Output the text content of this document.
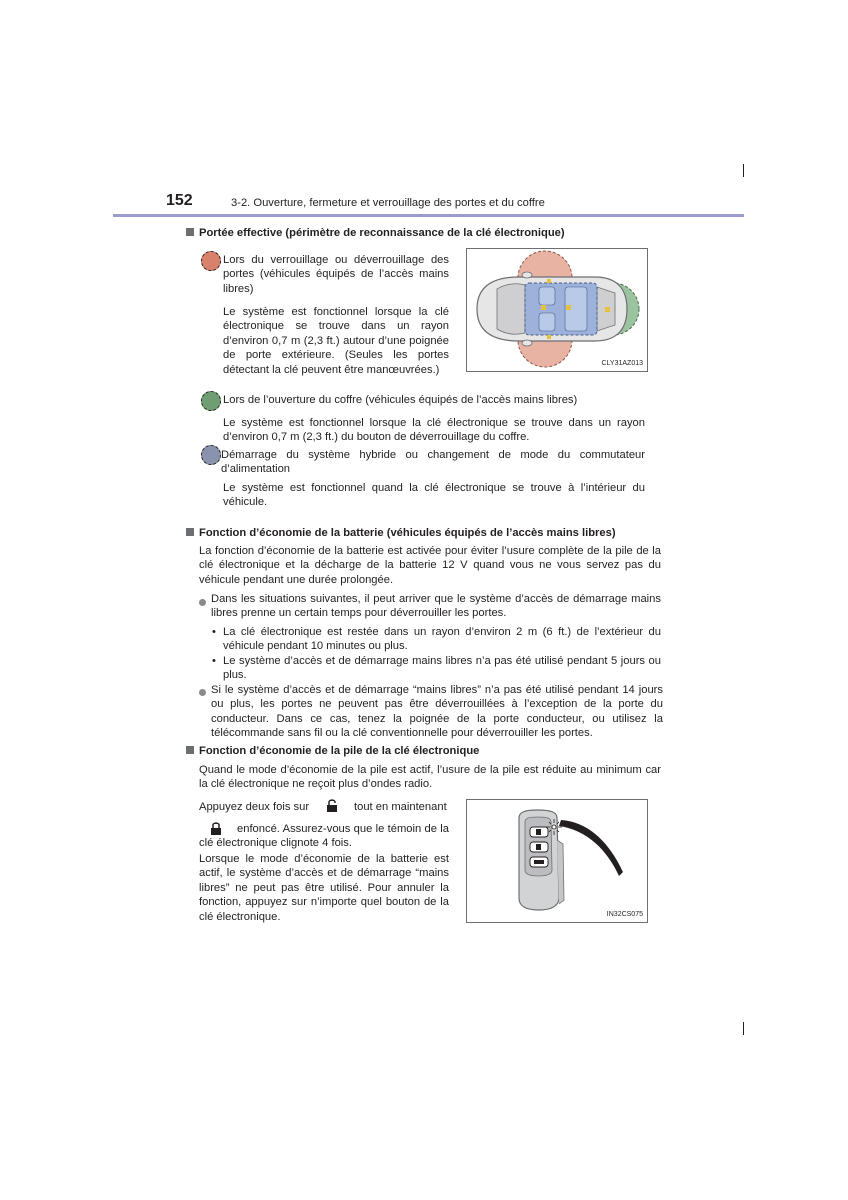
152	3-2. Ouverture, fermeture et verrouillage des portes et du coffre
Portée effective (périmètre de reconnaissance de la clé électronique)
Lors du verrouillage ou déverrouillage des portes (véhicules équipés de l’accès mains libres)
Le système est fonctionnel lorsque la clé électronique se trouve dans un rayon d’environ 0,7 m (2,3 ft.) autour d’une poignée de porte extérieure. (Seules les portes détectant la clé peuvent être manœuvrées.)
CLY31AZ013
Lors de l’ouverture du coffre (véhicules équipés de l’accès mains libres)
Le système est fonctionnel lorsque la clé électronique se trouve dans un rayon d’environ 0,7 m (2,3 ft.) du bouton de déverrouillage du coffre.
Démarrage du système hybride ou changement de mode du commutateur d’alimentation
Le système est fonctionnel quand la clé électronique se trouve à l’intérieur du véhicule.
Fonction d’économie de la batterie (véhicules équipés de l’accès mains libres)
La fonction d’économie de la batterie est activée pour éviter l’usure complète de la pile de la clé électronique et la décharge de la batterie 12 V quand vous ne vous servez pas du véhicule pendant une durée prolongée.
Dans les situations suivantes, il peut arriver que le système d’accès de démarrage mains libres prenne un certain temps pour déverrouiller les portes.
• La clé électronique est restée dans un rayon d’environ 2 m (6 ft.) de l’extérieur du véhicule pendant 10 minutes ou plus.
• Le système d’accès et de démarrage mains libres n’a pas été utilisé pendant 5 jours ou plus.
Si le système d’accès et de démarrage “mains libres” n’a pas été utilisé pendant 14 jours ou plus, les portes ne peuvent pas être déverrouillées à l’exception de la porte du conducteur. Dans ce cas, tenez la poignée de la porte conducteur, ou utilisez la télécommande sans fil ou la clé conventionnelle pour déverrouiller les portes.
Fonction d’économie de la pile de la clé électronique
Quand le mode d’économie de la pile est actif, l’usure de la pile est réduite au minimum car la clé électronique ne reçoit plus d’ondes radio.
Appuyez deux fois sur	tout en maintenant
enfoncé. Assurez-vous que le témoin de la clé électronique clignote 4 fois.
Lorsque le mode d’économie de la batterie est actif, le système d’accès et de démarrage “mains libres” ne peut pas être utilisé. Pour annuler la fonction, appuyez sur n’importe quel bouton de la clé électronique.	IN32CS075
